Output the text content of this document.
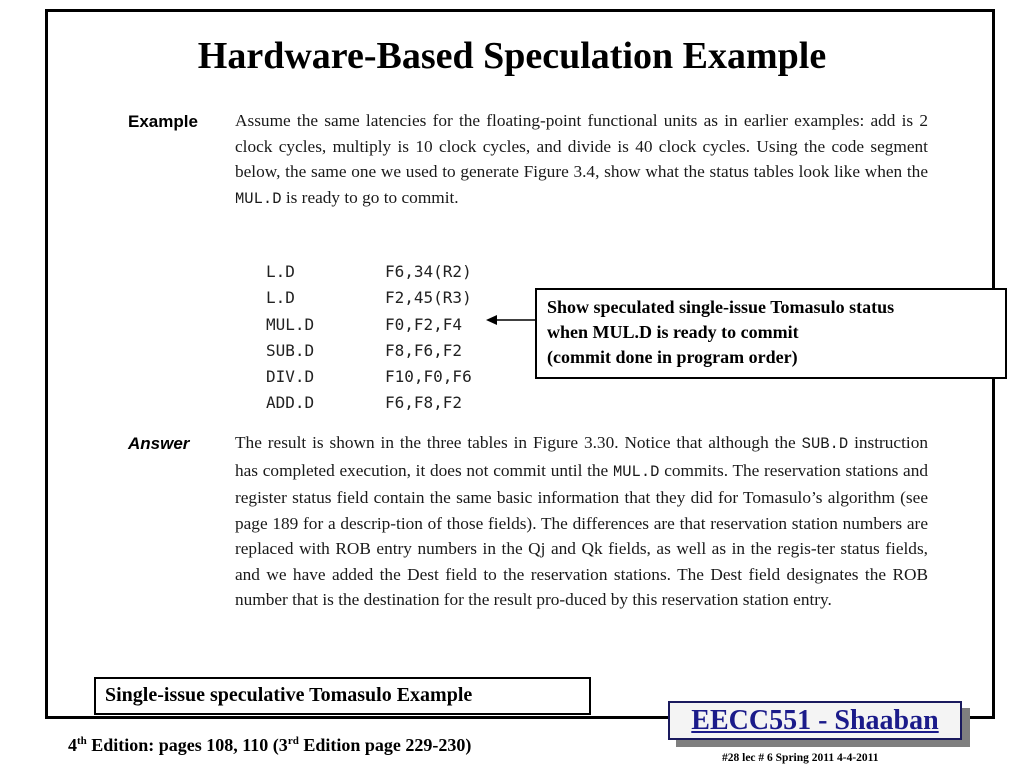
Hardware-Based Speculation Example
Example Assume the same latencies for the floating-point functional units as in earlier examples: add is 2 clock cycles, multiply is 10 clock cycles, and divide is 40 clock cycles. Using the code segment below, the same one we used to generate Figure 3.4, show what the status tables look like when the MUL.D is ready to go to commit.
L.D	F6,34(R2)
L.D	F2,45(R3)
MUL.D	F0,F2,F4
SUB.D	F8,F6,F2
DIV.D	F10,F0,F6
ADD.D	F6,F8,F2
Show speculated single-issue Tomasulo status
when MUL.D is ready to commit
(commit done in program order)
Answer	The result is shown in the three tables in Figure 3.30. Notice that although the SUB.D instruction has completed execution, it does not commit until the MUL.D commits. The reservation stations and register status field contain the same basic information that they did for Tomasulo’s algorithm (see page 189 for a descrip-tion of those fields). The differences are that reservation station numbers are replaced with ROB entry numbers in the Qj and Qk fields, as well as in the regis-ter status fields, and we have added the Dest field to the reservation stations. The Dest field designates the ROB number that is the destination for the result pro-duced by this reservation station entry.
Single-issue speculative Tomasulo Example
4th Edition: pages 108, 110 (3rd Edition page 229-230)
EECC551 - Shaaban
#28 lec # 6 Spring 2011 4-4-2011
